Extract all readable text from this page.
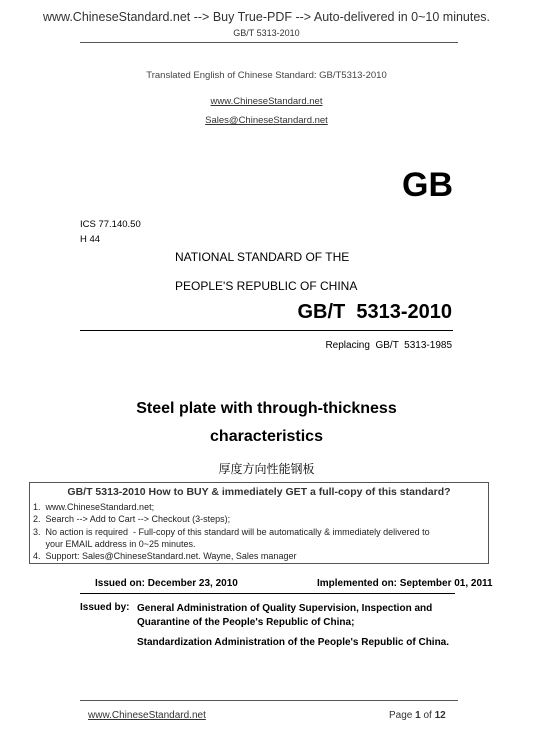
www.ChineseStandard.net --> Buy True-PDF --> Auto-delivered in 0~10 minutes.
GB/T 5313-2010
Translated English of Chinese Standard: GB/T5313-2010
www.ChineseStandard.net
Sales@ChineseStandard.net
GB
ICS 77.140.50
H 44
NATIONAL STANDARD OF THE
PEOPLE'S REPUBLIC OF CHINA
GB/T  5313-2010
Replacing  GB/T  5313-1985
Steel plate with through-thickness
characteristics
厚度方向性能钢板
GB/T 5313-2010 How to BUY & immediately GET a full-copy of this standard?
1.  www.ChineseStandard.net;
2.  Search --> Add to Cart --> Checkout (3-steps);
3.  No action is required  - Full-copy of this standard will be automatically & immediately delivered to
your EMAIL address in 0~25 minutes.
4.  Support: Sales@ChineseStandard.net. Wayne, Sales manager
Issued on: December 23, 2010	Implemented on: September 01, 2011
Issued by: General Administration of Quality Supervision, Inspection and Quarantine of the People's Republic of China;
Standardization Administration of the People's Republic of China.
www.ChineseStandard.net	Page 1 of 12
